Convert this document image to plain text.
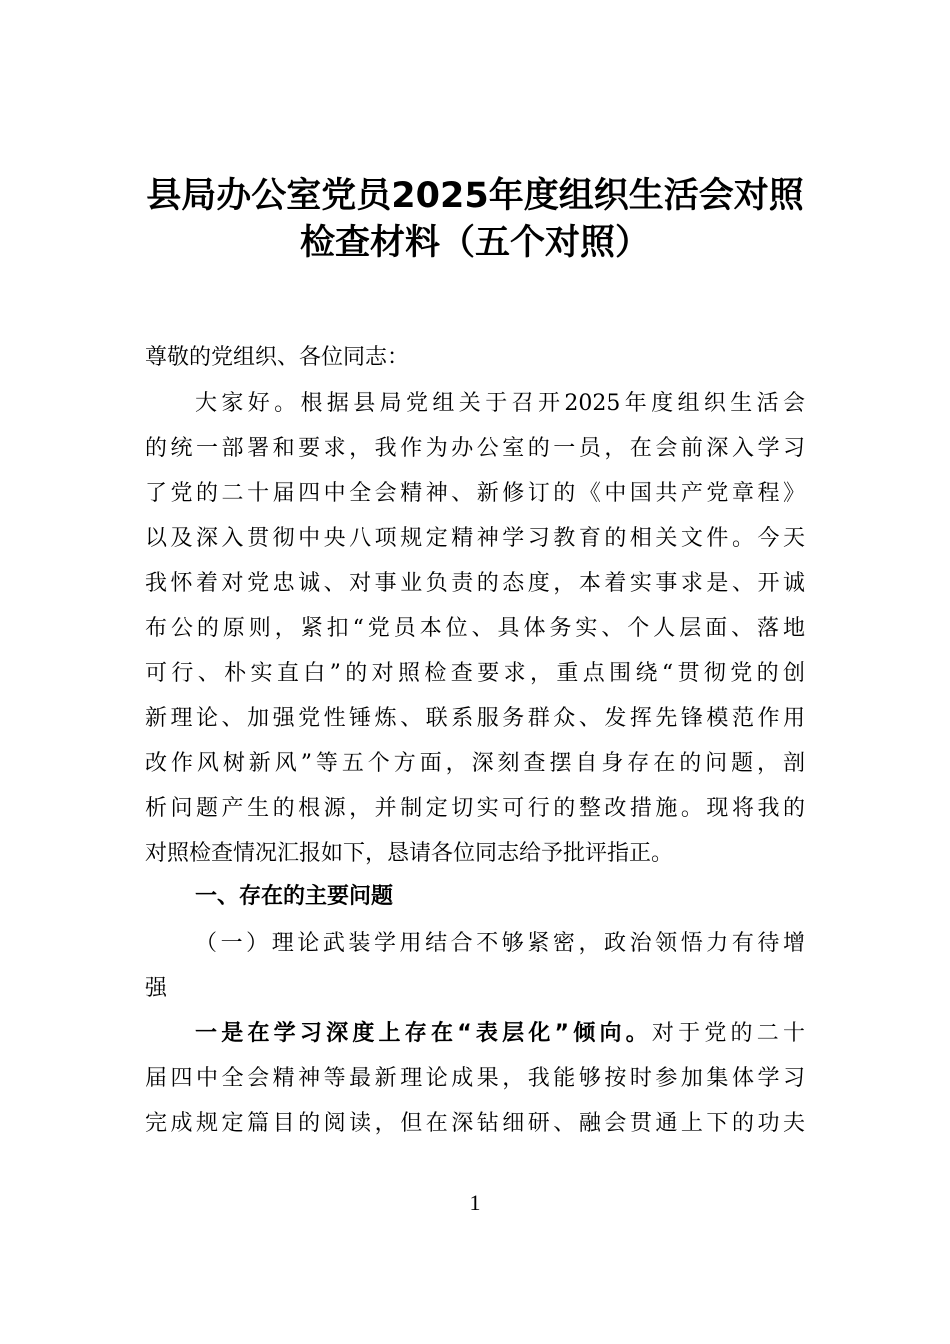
县局办公室党员2025年度组织生活会对照
检查材料（五个对照）
尊敬的党组织、各位同志：
大家好。根据县局党组关于召开2025年度组织生活会
的统一部署和要求，我作为办公室的一员，在会前深入学习
了党的二十届四中全会精神、新修订的《中国共产党章程》
以及深入贯彻中央八项规定精神学习教育的相关文件。今天
我怀着对党忠诚、对事业负责的态度，本着实事求是、开诚
布公的原则，紧扣“党员本位、具体务实、个人层面、落地
可行、朴实直白”的对照检查要求，重点围绕“贯彻党的创
新理论、加强党性锤炼、联系服务群众、发挥先锋模范作用
改作风树新风”等五个方面，深刻查摆自身存在的问题，剖
析问题产生的根源，并制定切实可行的整改措施。现将我的
对照检查情况汇报如下，恳请各位同志给予批评指正。
一、存在的主要问题
（一）理论武装学用结合不够紧密，政治领悟力有待增
强
一是在学习深度上存在“表层化”倾向。对于党的二十
届四中全会精神等最新理论成果，我能够按时参加集体学习
完成规定篇目的阅读，但在深钻细研、融会贯通上下的功夫
1
